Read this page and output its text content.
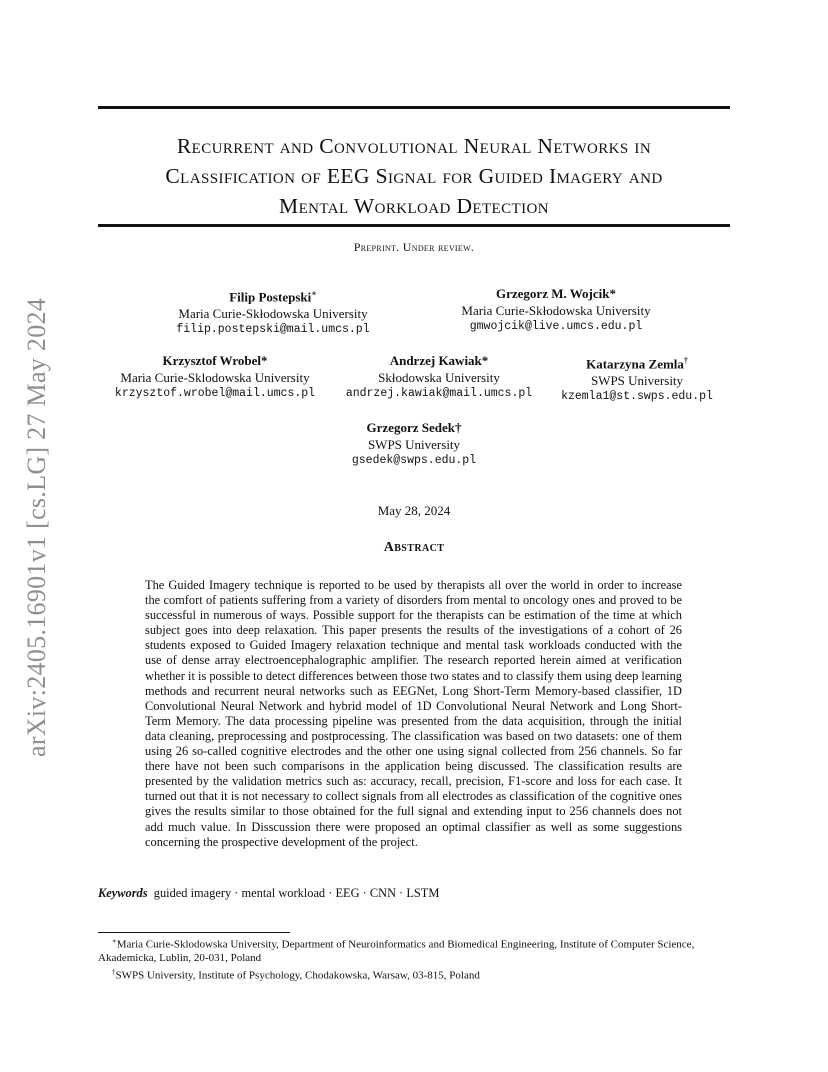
arXiv:2405.16901v1 [cs.LG] 27 May 2024
Recurrent and Convolutional Neural Networks in
Classification of EEG Signal for Guided Imagery and
Mental Workload Detection
Preprint. Under review.
Filip Postepski∗
Maria Curie-Skłodowska University
filip.postepski@mail.umcs.pl
Grzegorz M. Wojcik*
Maria Curie-Skłodowska University
gmwojcik@live.umcs.edu.pl
Krzysztof Wrobel*
Maria Curie-Sklodowska University
krzysztof.wrobel@mail.umcs.pl
Andrzej Kawiak*
Skłodowska University
andrzej.kawiak@mail.umcs.pl
Katarzyna Zemla†
SWPS University
kzemla1@st.swps.edu.pl
Grzegorz Sedek†
SWPS University
gsedek@swps.edu.pl
May 28, 2024
Abstract
The Guided Imagery technique is reported to be used by therapists all over the world in order to increase the comfort of patients suffering from a variety of disorders from mental to oncology ones and proved to be successful in numerous of ways. Possible support for the therapists can be estimation of the time at which subject goes into deep relaxation. This paper presents the results of the investigations of a cohort of 26 students exposed to Guided Imagery relaxation technique and mental task workloads conducted with the use of dense array electroencephalographic amplifier. The research reported herein aimed at verification whether it is possible to detect differences between those two states and to classify them using deep learning methods and recurrent neural networks such as EEGNet, Long Short-Term Memory-based classifier, 1D Convolutional Neural Network and hybrid model of 1D Convolutional Neural Network and Long Short-Term Memory. The data processing pipeline was presented from the data acquisition, through the initial data cleaning, preprocessing and postprocessing. The classification was based on two datasets: one of them using 26 so-called cognitive electrodes and the other one using signal collected from 256 channels. So far there have not been such comparisons in the application being discussed. The classification results are presented by the validation metrics such as: accuracy, recall, precision, F1-score and loss for each case. It turned out that it is not necessary to collect signals from all electrodes as classification of the cognitive ones gives the results similar to those obtained for the full signal and extending input to 256 channels does not add much value. In Disscussion there were proposed an optimal classifier as well as some suggestions concerning the prospective development of the project.
Keywords guided imagery · mental workload · EEG · CNN · LSTM
∗Maria Curie-Sklodowska University, Department of Neuroinformatics and Biomedical Engineering, Institute of Computer Science, Akademicka, Lublin, 20-031, Poland
†SWPS University, Institute of Psychology, Chodakowska, Warsaw, 03-815, Poland
